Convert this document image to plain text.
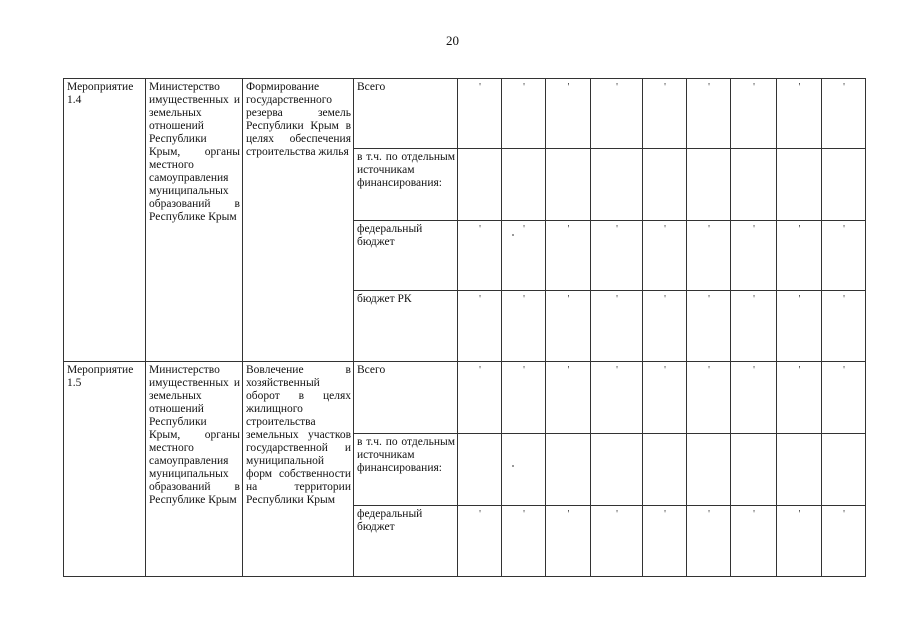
20
Мероприятие 1.4	Министерство имущественных и земельных отношений Республики Крым, органы местного самоуправления муниципальных образований в Республике Крым	Формирование государственного резерва земель Республики Крым в целях обеспечения строительства жилья	Всего	'	'	'	'	'	'	'	'	'
			в т.ч. по отдельным источникам финансирования:									
			федеральный бюджет	'	'	'	'	'	'	'	'	'
			бюджет РК	'	'	'	'	'	'	'	'	'
Мероприятие 1.5	Министерство имущественных и земельных отношений Республики Крым, органы местного самоуправления муниципальных образований в Республике Крым	Вовлечение в хозяйственный оборот в целях жилищного строительства земельных участков государственной и муниципальной форм собственности на территории Республики Крым	Всего	'	'	'	'	'	'	'	'	'
			в т.ч. по отдельным источникам финансирования:									
			федеральный бюджет	'	'	'	'	'	'	'	'	'
